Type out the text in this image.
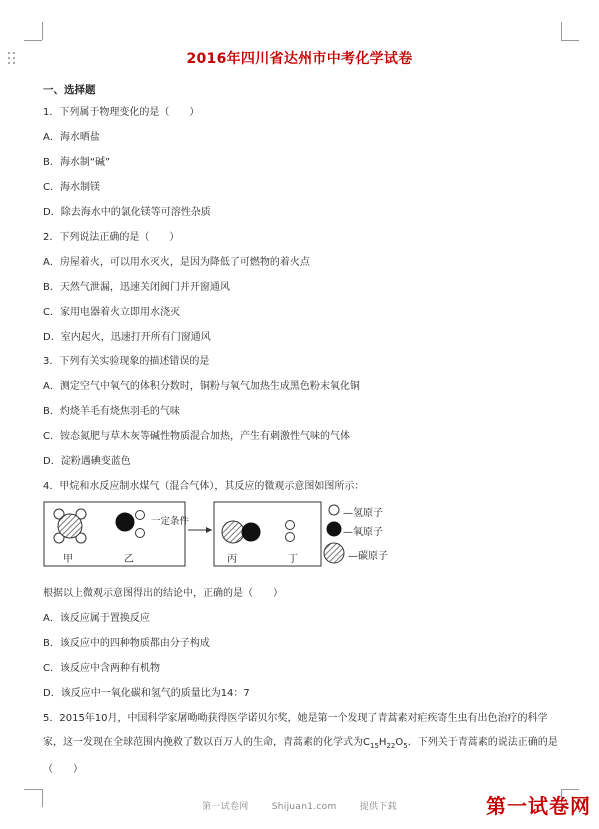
2016年四川省达州市中考化学试卷
一、选择题
1．下列属于物理变化的是（　　）
A．海水晒盐
B．海水制“碱”
C．海水制镁
D．除去海水中的氯化镁等可溶性杂质
2．下列说法正确的是（　　）
A．房屋着火，可以用水灭火，是因为降低了可燃物的着火点
B．天然气泄漏，迅速关闭阀门并开窗通风
C．家用电器着火立即用水浇灭
D．室内起火，迅速打开所有门窗通风
3．下列有关实验现象的描述错误的是
A．测定空气中氧气的体积分数时，铜粉与氧气加热生成黑色粉末氧化铜
B．灼烧羊毛有烧焦羽毛的气味
C．铵态氮肥与草木灰等碱性物质混合加热，产生有刺激性气味的气体
D．淀粉遇碘变蓝色
4．甲烷和水反应制水煤气（混合气体），其反应的微观示意图如图所示：
一定条件
甲	乙	丙	丁
—氢原子
—氧原子
—碳原子
根据以上微观示意图得出的结论中，正确的是（　　）
A．该反应属于置换反应
B．该反应中的四种物质都由分子构成
C．该反应中含两种有机物
D．该反应中一氧化碳和氢气的质量比为14：7
5．2015年10月，中国科学家屠呦呦获得医学诺贝尔奖，她是第一个发现了青蒿素对疟疾寄生虫有出色治疗的科学家，这一发现在全球范围内挽救了数以百万人的生命，青蒿素的化学式为$C_{15}H_{22}O_5$．下列关于青蒿素的说法正确的是（　　）
第一试卷网	Shijuan1.com	提供下载	第一试卷网
